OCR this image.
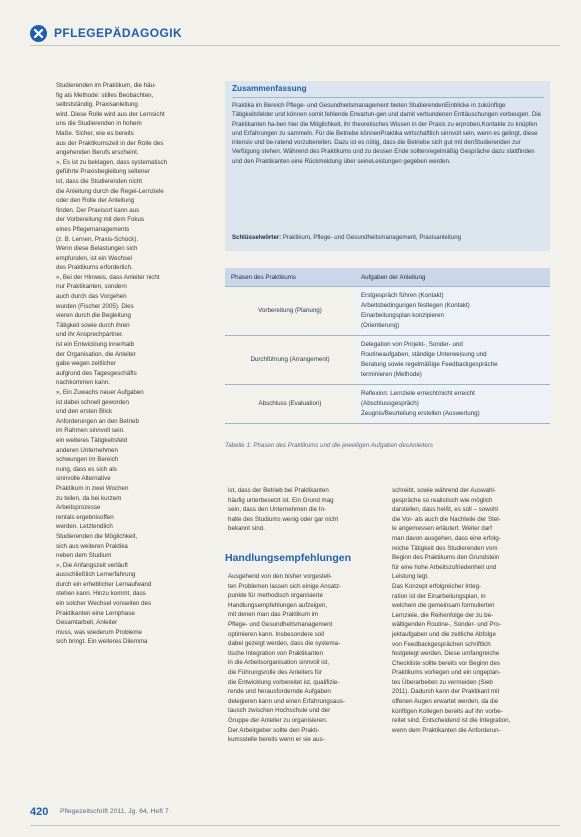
PFLEGEPÄDAGOGIK
Studierenden im Praktikum, die häu-
fig als Methode: stilles Beobachten,
selbstständig. Praxisanleitung
wird. Diese Rolle wird aus der Lernsicht
uns die Studierenden in hohem
Maße. Sicher, wie es bereits
aus der Praktikumszeit in der Rolle des
angehenden Berufs erscheint.
», Es ist zu beklagen, dass systematisch
geführte Praxisbegleitung seltener
ist, dass die Studierenden nicht
die Anleitung durch die Regel-Lernziele
oder den Rolle der Anleitung
finden. Der Praxisort kann aus
der Vorbereitung mit dem Fokus
eines Pflegemanagements
(z. B. Lernen, Praxis-Schock).
Wenn diese Belastungen sich
empfunden, ist ein Wechsel
des Praktikums erforderlich.
», Bei der Hinweis, dass Anleiter nicht
nur Praktikanten, sondern
auch durch das Vorgehen
wurden (Fischer 2005). Dies
vieren durch die Begleitung
Tätigkeit sowie durch ihren
und ihr Ansprechpartner.
ist ein Entwicklung innerhalb
der Organisation, die Anleiter
gabe wegen zeitlicher
aufgrund des Tagesgeschäfts
nachkommen kann.
», Ein Zuwachs neuer Aufgaben
ist dabei schnell geworden
und den ersten Blick
Anforderungen an den Betrieb
im Rahmen sinnvoll sein.
ein weiteres Tätigkeitsfeld
anderen Unternehmen
schwungen im Bereich
nung, dass es sich als
sinnvolle Alternative
Praktikum in zwei Wochen
zu teilen, da bei kurzem
Arbeitsprozesse
rentals ergebnisoffen
werden. Letztendlich
Studierenden die Möglichkeit,
sich aus weiteren Praktika
neben dem Studium
», Die Anfangszeit verläuft
ausschließlich Lernerfahrung
durch ein erheblicher Lernaufwand
stehen kann. Hinzu kommt, dass
ein solcher Wechsel vonseiten des
Praktikanten eine Lernphase
Gesamtarbeit, Anleiter
muss, was wiederum Probleme
sich bringt. Ein weiteres Dilemma
Zusammenfassung
Praktika im Bereich Pflege- und Gesundheitsmanagement bieten StudierendenEinblicke in zukünftige Tätigkeitsfelder und können somit fehlende Erwartun-gen und damit verbundenen Enttäuschungen vorbeugen. Die Praktikanten ha-ben hier die Möglichkeit, ihr theoretisches Wissen in der Praxis zu erproben,Kontakte zu knüpfen und Erfahrungen zu sammeln. Für die Betriebe könnenPraktika wirtschaftlich sinnvoll sein, wenn es gelingt, diese intensiv und be-ratend vorzubereiten. Dazu ist es nötig, dass die Betriebe sich gut mit denStudierenden zur Verfügung stehen. Während des Praktikums und zu dessen Ende solltenregelmäßig Gespräche dazu stattfinden und den Praktikanten eine Rückmeldung über seineLeistungen gegeben werden.
Schlüsselwörter: Praktikum, Pflege- und Gesundheitsmanagement, Praxisanleitung
Phasen des Praktikums	Aufgaben der Anleitung
Vorbereitung (Planung)	Erstgespräch führen (Kontakt)
Arbeitsbedingungen festlegen (Kontakt)
Einarbeitungsplan konzipieren
(Orientierung)

Durchführung (Arrangement)	Delegation von Projekt-, Sonder- und
Routineaufgaben, ständige Unterweisung und
Beratung sowie regelmäßige Feedbackgespräche
terminieren (Methode)

Abschluss (Evaluation)	Reflexion: Lernziele erreicht/nicht erreicht
(Abschlussgespräch)
Zeugnis/Beurteilung erstellen (Auswertung)
Tabelle 1: Phasen des Praktikums und die jeweiligen Aufgaben desAnleiters
ist, dass der Betrieb bei Praktikanten
häufig unterbesetzt ist. Ein Grund mag
sein, dass den Unternehmen die In-
halte des Studiums wenig oder gar nicht
bekannt sind.
Handlungsempfehlungen
Ausgehend von den bisher vorgestell-
ten Problemen lassen sich einige Ansatz-
punkte für methodisch organisierte
Handlungsempfehlungen aufzeigen,
mit denen man das Praktikum im
Pflege- und Gesundheitsmanagement
optimieren kann. Insbesondere soll
dabei gezeigt werden, dass die systema-
tische Integration von Praktikanten
in die Arbeitsorganisation sinnvoll ist,
die Führungsrolle des Anleiters für
die Entwicklung vorbereitet ist, qualifizie-
rende und herausfordernde Aufgaben
delegieren kann und einen Erfahrungsaus-
tausch zwischen Hochschule und der
Gruppe der Anleiter zu organisieren.
Der Arbeitgeber sollte den Prakti-
kumsstelle bereits wenn er sie aus-
schreibt, sowie während der Auswahl-
gespräche so realistisch wie möglich
darstellen, dass heißt, es soll – sowohl
die Vor- als auch die Nachteile der Stel-
le angemessen erläutert. Weiter darf
man davon ausgehen, dass eine erfolg-
reiche Tätigkeit des Studierenden vom
Beginn des Praktikums den Grundstein
für eine hohe Arbeitszufriedenheit und
Leistung legt.
Das Konzept erfolgreicher Integ-
ration ist der Einarbeitungsplan, in
welchem die gemeinsam formulierten
Lernziele, die Reihenfolge der zu be-
wältigenden Routine-, Sonder- und Pro-
jektaufgaben und die zeitliche Abfolge
von Feedbackgesprächen schriftlich
festgelegt werden. Diese umfangreiche
Checkliste sollte bereits vor Beginn des
Praktikums vorliegen und ein ungeplan-
tes Überarbeiten zu vermeiden (Sieb
2011). Dadurch kann der Praktikant mit
offenen Augen erwartet werden, da die
künftigen Kollegen bereits auf ihn vorbe-
reitet sind. Entscheidend ist die Integration,
wenn dem Praktikanten die Anforderun-
420 Pflegezeitschrift 2011, Jg. 64, Heft 7
